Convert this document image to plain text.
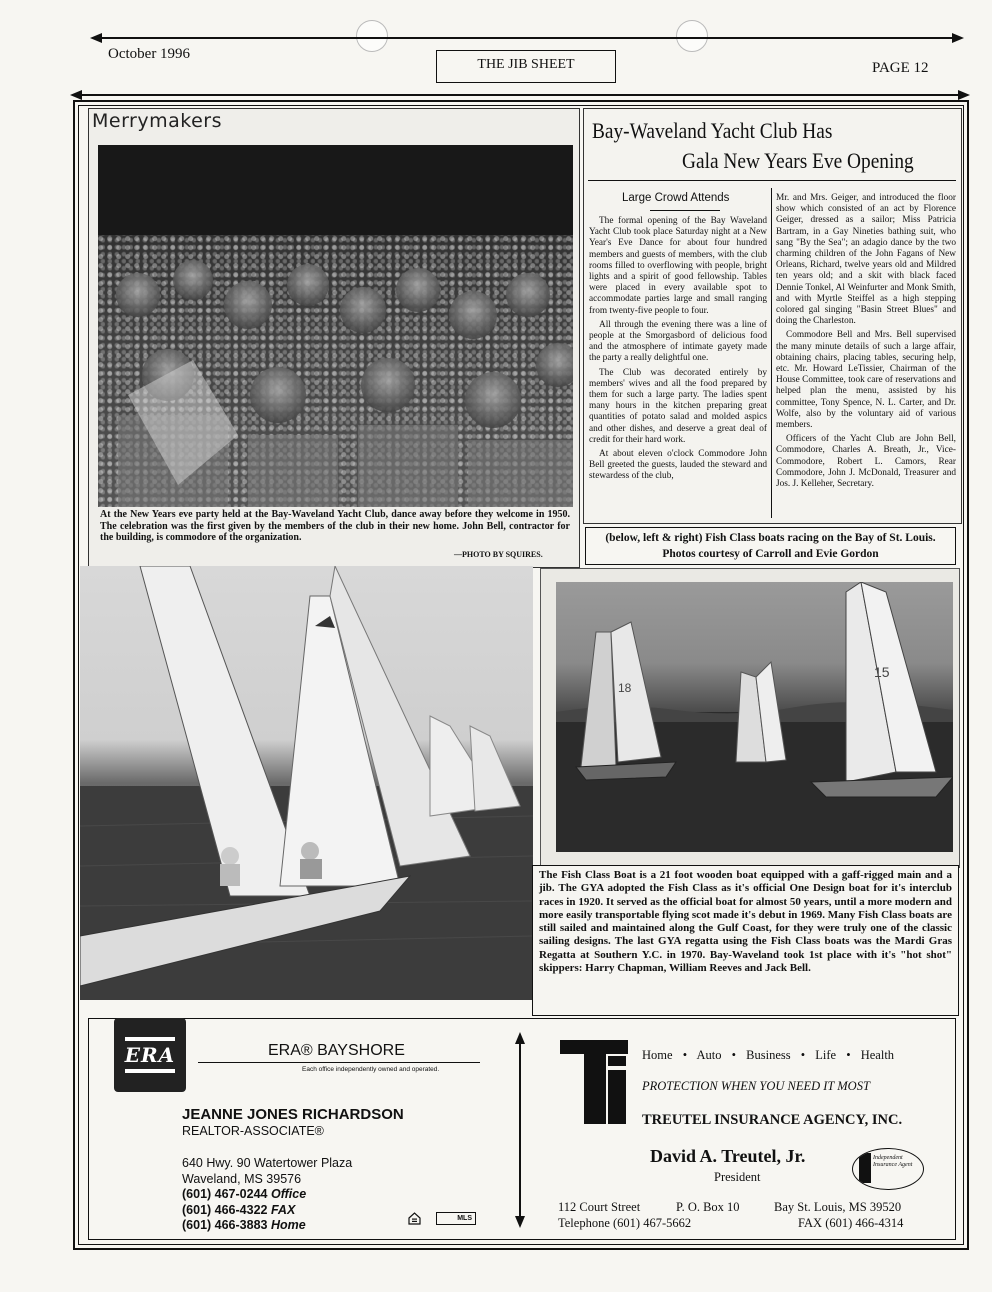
October 1996
THE JIB SHEET	PAGE 12
Merrymakers
At the New Years eve party held at the Bay-Waveland Yacht Club, dance away before they welcome in 1950. The celebration was the first given by the members of the club in their new home. John Bell, contractor for the building, is commodore of the organization.
—PHOTO BY SQUIRES.
Bay-Waveland Yacht Club Has
Gala New Years Eve Opening
Large Crowd Attends

The formal opening of the Bay Waveland Yacht Club took place Saturday night at a New Year's Eve Dance for about four hundred members and guests of members, with the club rooms filled to overflowing with people, bright lights and a spirit of good fellowship. Tables were placed in every available spot to accommodate parties large and small ranging from twenty-five people to four.

All through the evening there was a line of people at the Smorgasbord of delicious food and the atmosphere of intimate gayety made the party a really delightful one.

The Club was decorated entirely by members' wives and all the food prepared by them for such a large party. The ladies spent many hours in the kitchen preparing great quantities of potato salad and molded aspics and other dishes, and deserve a great deal of credit for their hard work.

At about eleven o'clock Commodore John Bell greeted the guests, lauded the steward and stewardess of the club,

Mr. and Mrs. Geiger, and introduced the floor show which consisted of an act by Florence Geiger, dressed as a sailor; Miss Patricia Bartram, in a Gay Nineties bathing suit, who sang "By the Sea"; an adagio dance by the two charming children of the John Fagans of New Orleans, Richard, twelve years old and Mildred ten years old; and a skit with black faced Dennie Tonkel, Al Weinfurter and Monk Smith, and with Myrtle Steiffel as a high stepping colored gal singing "Basin Street Blues" and doing the Charleston.

Commodore Bell and Mrs. Bell supervised the many minute details of such a large affair, obtaining chairs, placing tables, securing help, etc. Mr. Howard LeTissier, Chairman of the House Committee, took care of reservations and helped plan the menu, assisted by his committee, Tony Spence, N. L. Carter, and Dr. Wolfe, also by the voluntary aid of various members.

Officers of the Yacht Club are John Bell, Commodore, Charles A. Breath, Jr., Vice-Commodore, Robert L. Camors, Rear Commodore, John J. McDonald, Treasurer and Jos. J. Kelleher, Secretary.

(below, left & right) Fish Class boats racing on the Bay of St. Louis.
Photos courtesy of Carroll and Evie Gordon
18
15
The Fish Class Boat is a 21 foot wooden boat equipped with a gaff-rigged main and a jib. The GYA adopted the Fish Class as it's official One Design boat for it's interclub races in 1920. It served as the official boat for almost 50 years, until a more modern and more easily transportable flying scot made it's debut in 1969. Many Fish Class boats are still sailed and maintained along the Gulf Coast, for they were truly one of the classic sailing designs. The last GYA regatta using the Fish Class boats was the Mardi Gras Regatta at Southern Y.C. in 1970. Bay-Waveland took 1st place with it's "hot shot" skippers: Harry Chapman, William Reeves and Jack Bell.
ERA	ERA® BAYSHORE
Each office independently owned and operated.
JEANNE JONES RICHARDSON
REALTOR-ASSOCIATE®
640 Hwy. 90 Watertower Plaza
Waveland, MS 39576
(601) 467-0244 Office
(601) 466-4322 FAX
(601) 466-3883 Home	MLS
Home • Auto • Business • Life • Health
PROTECTION WHEN YOU NEED IT MOST
TREUTEL INSURANCE AGENCY, INC.
David A. Treutel, Jr.
President
Independent Insurance Agent
112 Court Street	P. O. Box 10	Bay St. Louis, MS 39520
Telephone (601) 467-5662	FAX (601) 466-4314
